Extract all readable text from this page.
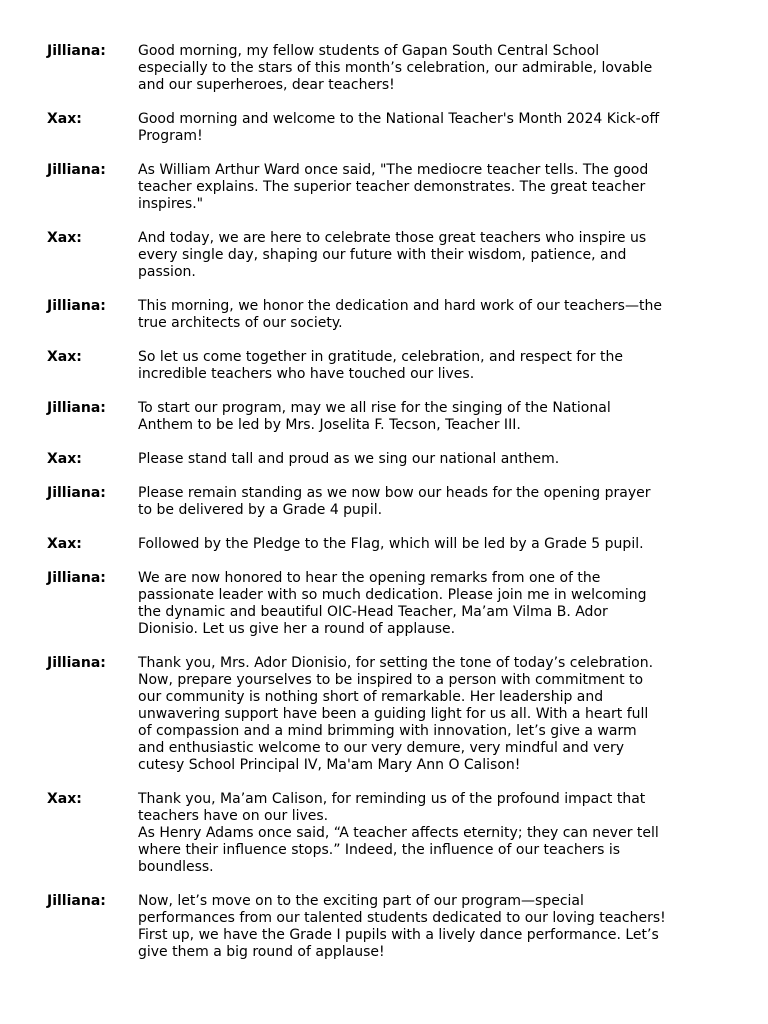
Jilliana:	Good morning, my fellow students of Gapan South Central School
especially to the stars of this month’s celebration, our admirable, lovable
and our superheroes, dear teachers!
Xax:	Good morning and welcome to the National Teacher's Month 2024 Kick-off
Program!
Jilliana:	As William Arthur Ward once said, "The mediocre teacher tells. The good
teacher explains. The superior teacher demonstrates. The great teacher
inspires."
Xax:	And today, we are here to celebrate those great teachers who inspire us
every single day, shaping our future with their wisdom, patience, and
passion.
Jilliana:	This morning, we honor the dedication and hard work of our teachers—the
true architects of our society.
Xax:	So let us come together in gratitude, celebration, and respect for the
incredible teachers who have touched our lives.
Jilliana:	To start our program, may we all rise for the singing of the National
Anthem to be led by Mrs. Joselita F. Tecson, Teacher III.
Xax:	Please stand tall and proud as we sing our national anthem.
Jilliana:	Please remain standing as we now bow our heads for the opening prayer
to be delivered by a Grade 4 pupil.
Xax:	Followed by the Pledge to the Flag, which will be led by a Grade 5 pupil.
Jilliana:	We are now honored to hear the opening remarks from one of the
passionate leader with so much dedication. Please join me in welcoming
the dynamic and beautiful OIC-Head Teacher, Ma’am Vilma B. Ador
Dionisio. Let us give her a round of applause.
Jilliana:	Thank you, Mrs. Ador Dionisio, for setting the tone of today’s celebration.
Now, prepare yourselves to be inspired to a person with commitment to
our community is nothing short of remarkable. Her leadership and
unwavering support have been a guiding light for us all. With a heart full
of compassion and a mind brimming with innovation, let’s give a warm
and enthusiastic welcome to our very demure, very mindful and very
cutesy School Principal IV, Ma'am Mary Ann O Calison!
Xax:	Thank you, Ma’am Calison, for reminding us of the profound impact that
teachers have on our lives.
As Henry Adams once said, “A teacher affects eternity; they can never tell
where their influence stops.” Indeed, the influence of our teachers is
boundless.
Jilliana:	Now, let’s move on to the exciting part of our program—special
performances from our talented students dedicated to our loving teachers!
First up, we have the Grade I pupils with a lively dance performance. Let’s
give them a big round of applause!
